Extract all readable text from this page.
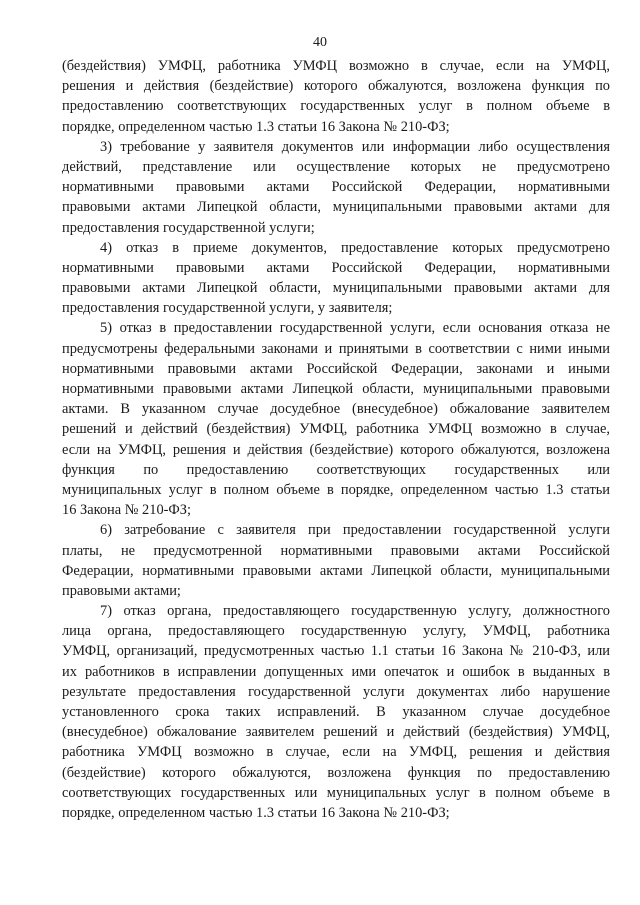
40
(бездействия) УМФЦ, работника УМФЦ возможно в случае, если на УМФЦ,
решения и действия (бездействие) которого обжалуются, возложена функция по
предоставлению соответствующих государственных услуг в полном объеме в
порядке, определенном частью 1.3 статьи 16 Закона № 210-ФЗ;
3) требование у заявителя документов или информации либо осуществления
действий, представление или осуществление которых не предусмотрено
нормативными правовыми актами Российской Федерации, нормативными
правовыми актами Липецкой области, муниципальными правовыми актами для
предоставления государственной услуги;
4) отказ в приеме документов, предоставление которых предусмотрено
нормативными правовыми актами Российской Федерации, нормативными
правовыми актами Липецкой области, муниципальными правовыми актами для
предоставления государственной услуги, у заявителя;
5) отказ в предоставлении государственной услуги, если основания отказа не
предусмотрены федеральными законами и принятыми в соответствии с ними иными
нормативными правовыми актами Российской Федерации, законами и иными
нормативными правовыми актами Липецкой области, муниципальными правовыми
актами. В указанном случае досудебное (внесудебное) обжалование заявителем
решений и действий (бездействия) УМФЦ, работника УМФЦ возможно в случае,
если на УМФЦ, решения и действия (бездействие) которого обжалуются, возложена
функция по предоставлению соответствующих государственных или
муниципальных услуг в полном объеме в порядке, определенном частью 1.3 статьи
16 Закона № 210-ФЗ;
6) затребование с заявителя при предоставлении государственной услуги
платы, не предусмотренной нормативными правовыми актами Российской
Федерации, нормативными правовыми актами Липецкой области, муниципальными
правовыми актами;
7) отказ органа, предоставляющего государственную услугу, должностного
лица органа, предоставляющего государственную услугу, УМФЦ, работника
УМФЦ, организаций, предусмотренных частью 1.1 статьи 16 Закона № 210-ФЗ, или
их работников в исправлении допущенных ими опечаток и ошибок в выданных в
результате предоставления государственной услуги документах либо нарушение
установленного срока таких исправлений. В указанном случае досудебное
(внесудебное) обжалование заявителем решений и действий (бездействия) УМФЦ,
работника УМФЦ возможно в случае, если на УМФЦ, решения и действия
(бездействие) которого обжалуются, возложена функция по предоставлению
соответствующих государственных или муниципальных услуг в полном объеме в
порядке, определенном частью 1.3 статьи 16 Закона № 210-ФЗ;
